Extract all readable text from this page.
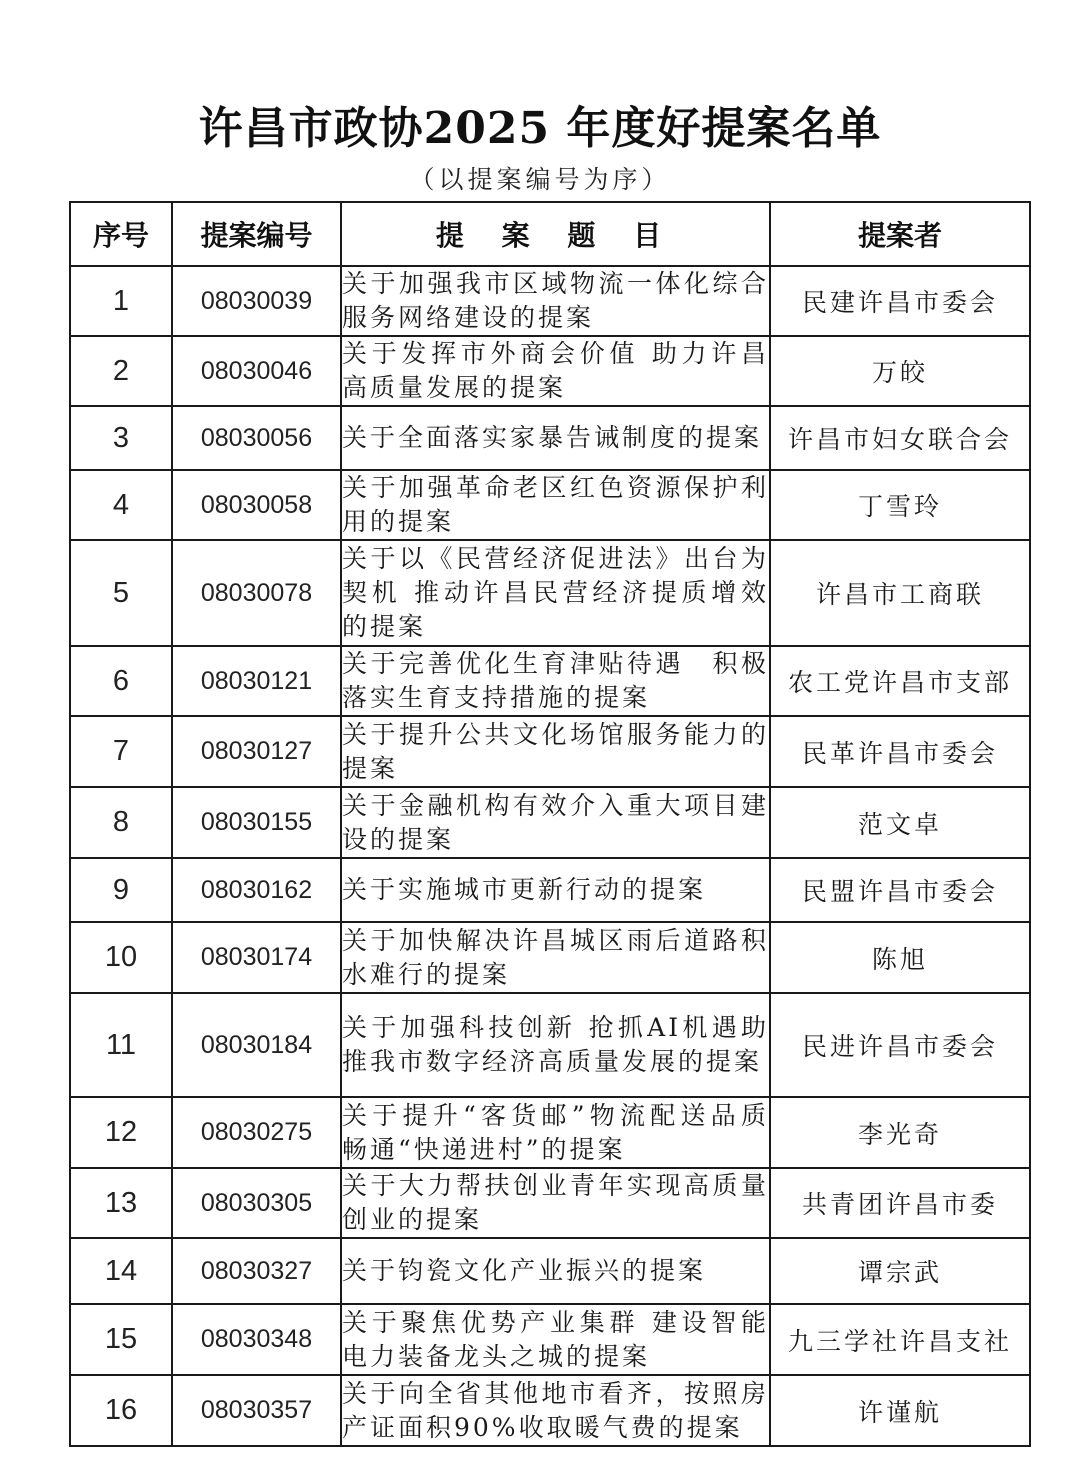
许昌市政协2025 年度好提案名单
（以提案编号为序）
序号	提案编号	提 案 题 目	提案者
1	08030039	关于加强我市区域物流一体化综合服务网络建设的提案	民建许昌市委会
2	08030046	关于发挥市外商会价值 助力许昌高质量发展的提案	万皎
3	08030056	关于全面落实家暴告诫制度的提案	许昌市妇女联合会
4	08030058	关于加强革命老区红色资源保护利用的提案	丁雪玲
5	08030078	关于以《民营经济促进法》出台为契机 推动许昌民营经济提质增效的提案	许昌市工商联
6	08030121	关于完善优化生育津贴待遇　积极落实生育支持措施的提案	农工党许昌市支部
7	08030127	关于提升公共文化场馆服务能力的提案	民革许昌市委会
8	08030155	关于金融机构有效介入重大项目建设的提案	范文卓
9	08030162	关于实施城市更新行动的提案	民盟许昌市委会
10	08030174	关于加快解决许昌城区雨后道路积水难行的提案	陈旭
11	08030184	关于加强科技创新 抢抓AI机遇助推我市数字经济高质量发展的提案	民进许昌市委会
12	08030275	关于提升“客货邮”物流配送品质　畅通“快递进村”的提案	李光奇
13	08030305	关于大力帮扶创业青年实现高质量创业的提案	共青团许昌市委
14	08030327	关于钧瓷文化产业振兴的提案	谭宗武
15	08030348	关于聚焦优势产业集群 建设智能电力装备龙头之城的提案	九三学社许昌支社
16	08030357	关于向全省其他地市看齐，按照房产证面积90%收取暖气费的提案	许谨航
